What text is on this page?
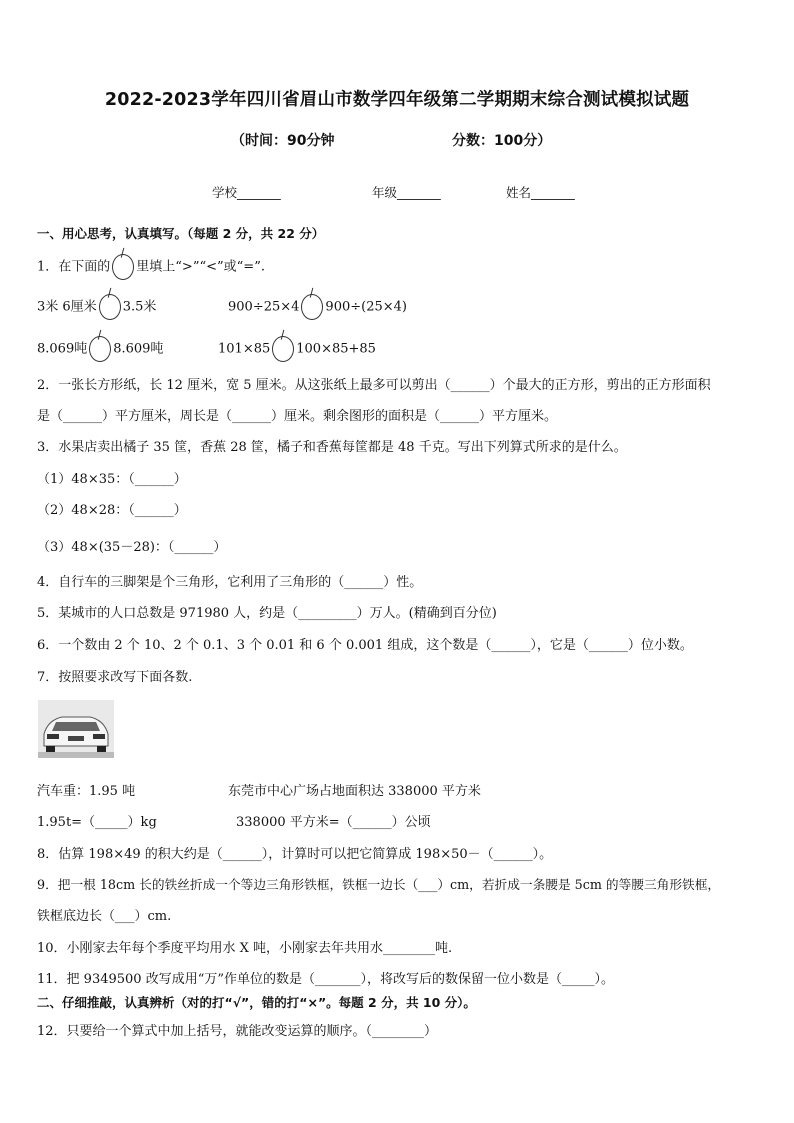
2022-2023学年四川省眉山市数学四年级第二学期期末综合测试模拟试题
（时间：90分钟	分数：100分）
学校_______	年级_______	姓名_______
一、用心思考，认真填写。（每题 2 分，共 22 分）
1．在下面的 里填上“>”“<”或“=”.
3米 6厘米 3.5米	900÷25×4 900÷(25×4)
8.069吨 8.609吨	101×85 100×85+85
2．一张长方形纸，长 12 厘米，宽 5 厘米。从这张纸上最多可以剪出（______）个最大的正方形，剪出的正方形面积
是（______）平方厘米，周长是（______）厘米。剩余图形的面积是（______）平方厘米。
3．水果店卖出橘子 35 筐，香蕉 28 筐，橘子和香蕉每筐都是 48 千克。写出下列算式所求的是什么。
（1）48×35：（______）
（2）48×28：（______）
（3）48×(35－28)：（______）
4．自行车的三脚架是个三角形，它利用了三角形的（______）性。
5．某城市的人口总数是 971980 人，约是（_________）万人。(精确到百分位)
6．一个数由 2 个 10、2 个 0.1、3 个 0.01 和 6 个 0.001 组成，这个数是（______），它是（______）位小数。
7．按照要求改写下面各数.
汽车重：1.95 吨	东莞市中心广场占地面积达 338000 平方米
1.95t=（_____）kg	338000 平方米=（______）公顷
8．估算 198×49 的积大约是（______），计算时可以把它简算成 198×50－（______）。
9．把一根 18cm 长的铁丝折成一个等边三角形铁框，铁框一边长（___）cm，若折成一条腰是 5cm 的等腰三角形铁框，
铁框底边长（___）cm.
10．小刚家去年每个季度平均用水 X 吨，小刚家去年共用水________吨.
11．把 9349500 改写成用“万”作单位的数是（_______），将改写后的数保留一位小数是（_____）。
二、仔细推敲，认真辨析（对的打“√”，错的打“×”。每题 2 分，共 10 分）。
12．只要给一个算式中加上括号，就能改变运算的顺序。（________）
